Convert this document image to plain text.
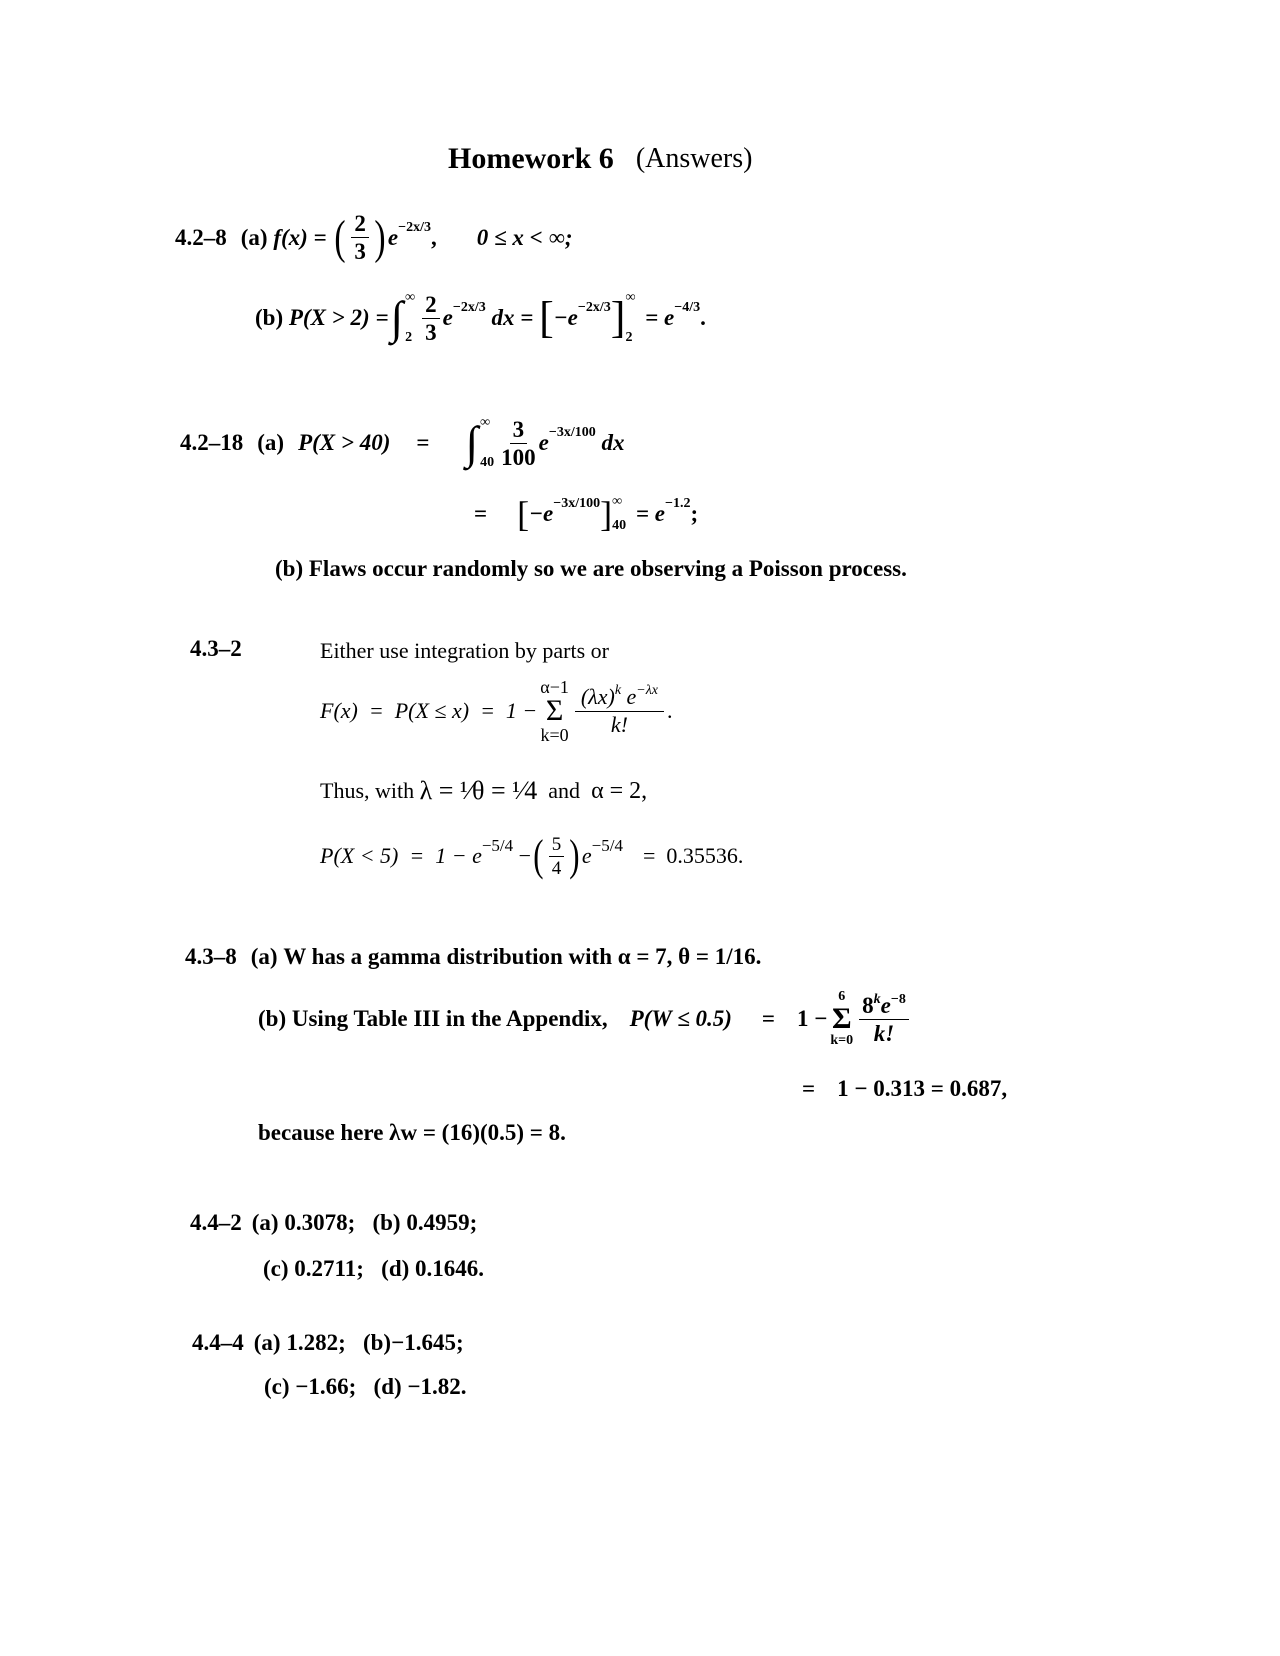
Homework 6 (Answers)
4.2–8 (a)
f(x) =
( $\frac{2}{3}$ ) e −2x/3 , 0 ≤ x < ∞;
(b)
P(X > 2) = ∫ ∞
$2 \frac{2}{3}$ e −2x/3
dx =
[ −e −2x/3 ] ∞
2

= e −4/3 .
4.2–18 (a) P(X > 40) = ∫ ∞
$40 \frac{3}{100}$ e −3x/100
dx
= [ −e −3x/100 ] ∞
40
= e −1.2 ;
(b)
Flaws occur randomly so we are observing a Poisson process.
4.3–2	Either use integration by parts or
F(x)  =  P(X ≤ x)  =  1 −
α−1
Σ
$k=0 \frac{(\lambda x)^k e^{-\lambda x}}{k!}$ .
Thus, with
λ = ¹⁄θ = ¹⁄4
and
α = 2,
P(X < 5)  =  1 − e −5/4
− ( $\frac{5}{4}$ ) e −5/4 =  0.35536.
4.3–8 (a)
W has a gamma distribution with α = 7, θ = 1/16.
(b)
Using Table III in the Appendix, P(W ≤ 0.5) = 1 −
6
Σ
$k=0 \frac{8^ke^{-8}}{k!}$
= 1 − 0.313 = 0.687,
because here λw = (16)(0.5) = 8.
4.4–2 (a) 0.3078;   (b) 0.4959;
(c) 0.2711;   (d) 0.1646.
4.4–4 (a) 1.282;   (b)−1.645;
(c) −1.66;   (d) −1.82.
